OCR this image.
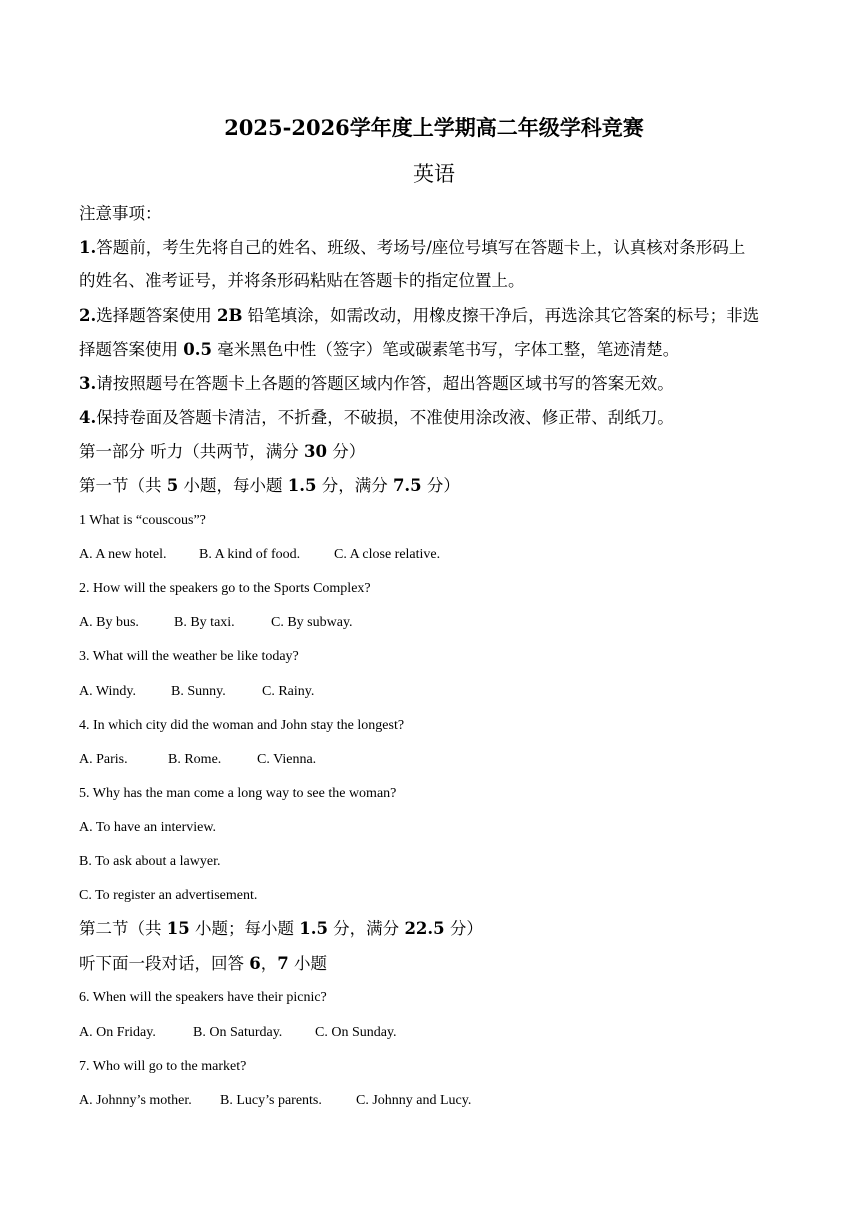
2025-2026学年度上学期高二年级学科竞赛
英语
注意事项：
1.答题前，考生先将自己的姓名、班级、考场号/座位号填写在答题卡上，认真核对条形码上
的姓名、准考证号，并将条形码粘贴在答题卡的指定位置上。
2.选择题答案使用 2B 铅笔填涂，如需改动，用橡皮擦干净后，再选涂其它答案的标号；非选
择题答案使用 0.5 毫米黑色中性（签字）笔或碳素笔书写，字体工整，笔迹清楚。
3.请按照题号在答题卡上各题的答题区域内作答，超出答题区域书写的答案无效。
4.保持卷面及答题卡清洁，不折叠，不破损，不准使用涂改液、修正带、刮纸刀。
第一部分 听力（共两节，满分 30 分）
第一节（共 5 小题，每小题 1.5 分，满分 7.5 分）
1 What is “couscous”?
A. A new hotel. B. A kind of food. C. A close relative.
2. How will the speakers go to the Sports Complex?
A. By bus.	B. By taxi.	C. By subway.
3. What will the weather be like today?
A. Windy.	B. Sunny.	C. Rainy.
4. In which city did the woman and John stay the longest?
A. Paris.	B. Rome.	C. Vienna.
5. Why has the man come a long way to see the woman?
A. To have an interview.
B. To ask about a lawyer.
C. To register an advertisement.
第二节（共 15 小题；每小题 1.5 分，满分 22.5 分）
听下面一段对话，回答 6，7 小题
6. When will the speakers have their picnic?
A. On Friday.	B. On Saturday. C. On Sunday.
7. Who will go to the market?
A. Johnny’s mother. B. Lucy’s parents. C. Johnny and Lucy.
